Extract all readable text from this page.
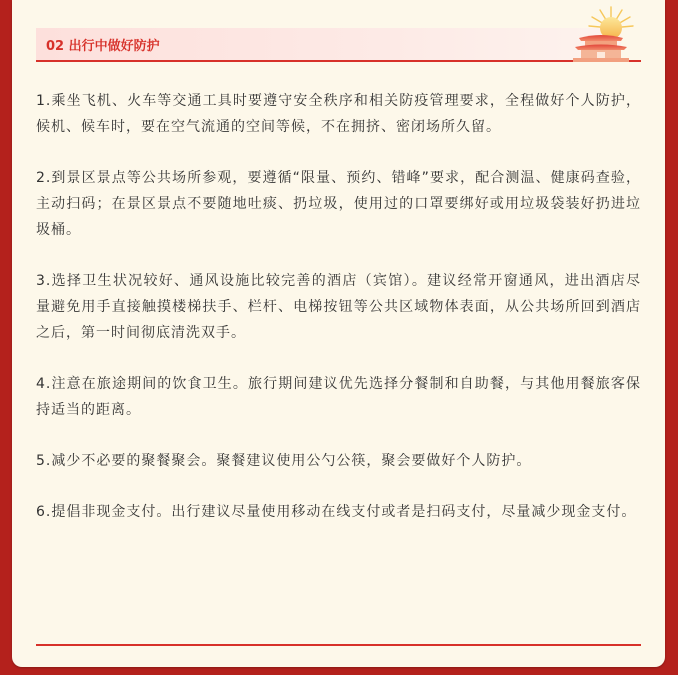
02 出行中做好防护

1.乘坐飞机、火车等交通工具时要遵守安全秩序和相关防疫管理要求，全程做好个人防护，候机、候车时，要在空气流通的空间等候，不在拥挤、密闭场所久留。

2.到景区景点等公共场所参观，要遵循“限量、预约、错峰”要求，配合测温、健康码查验，主动扫码；在景区景点不要随地吐痰、扔垃圾，使用过的口罩要绑好或用垃圾袋装好扔进垃圾桶。

3.选择卫生状况较好、通风设施比较完善的酒店（宾馆）。建议经常开窗通风，进出酒店尽量避免用手直接触摸楼梯扶手、栏杆、电梯按钮等公共区域物体表面，从公共场所回到酒店之后，第一时间彻底清洗双手。

4.注意在旅途期间的饮食卫生。旅行期间建议优先选择分餐制和自助餐，与其他用餐旅客保持适当的距离。

5.减少不必要的聚餐聚会。聚餐建议使用公勺公筷，聚会要做好个人防护。

6.提倡非现金支付。出行建议尽量使用移动在线支付或者是扫码支付，尽量减少现金支付。
